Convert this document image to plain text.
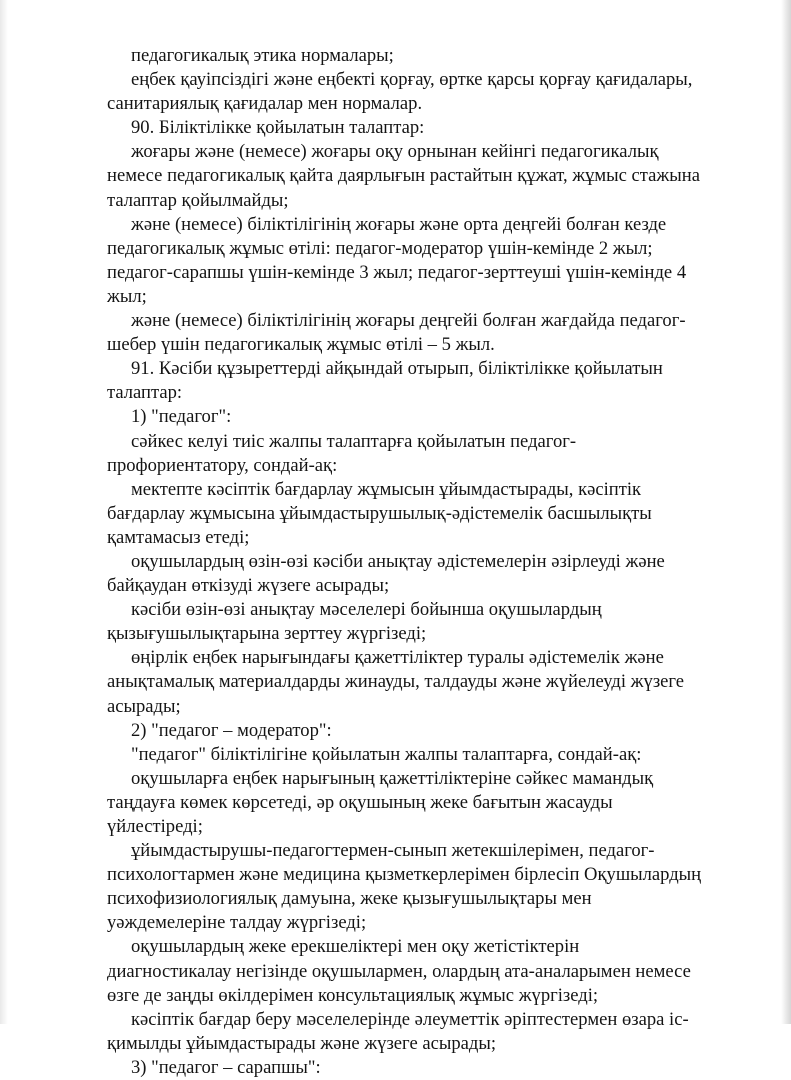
педагогикалық этика нормалары;
еңбек қауіпсіздігі және еңбекті қорғау, өртке қарсы қорғау қағидалары,
санитариялық қағидалар мен нормалар.
90. Біліктілікке қойылатын талаптар:
жоғары және (немесе) жоғары оқу орнынан кейінгі педагогикалық
немесе педагогикалық қайта даярлығын растайтын құжат, жұмыс стажына
талаптар қойылмайды;
және (немесе) біліктілігінің жоғары және орта деңгейі болған кезде
педагогикалық жұмыс өтілі: педагог-модератор үшін-кемінде 2 жыл;
педагог-сарапшы үшін-кемінде 3 жыл; педагог-зерттеуші үшін-кемінде 4
жыл;
және (немесе) біліктілігінің жоғары деңгейі болған жағдайда педагог-
шебер үшін педагогикалық жұмыс өтілі – 5 жыл.
91. Кәсіби құзыреттерді айқындай отырып, біліктілікке қойылатын
талаптар:
1) "педагог":
сәйкес келуі тиіс жалпы талаптарға қойылатын педагог-
профориентатору, сондай-ақ:
мектепте кәсіптік бағдарлау жұмысын ұйымдастырады, кәсіптік
бағдарлау жұмысына ұйымдастырушылық-әдістемелік басшылықты
қамтамасыз етеді;
оқушылардың өзін-өзі кәсіби анықтау әдістемелерін әзірлеуді және
байқаудан өткізуді жүзеге асырады;
кәсіби өзін-өзі анықтау мәселелері бойынша оқушылардың
қызығушылықтарына зерттеу жүргізеді;
өңірлік еңбек нарығындағы қажеттіліктер туралы әдістемелік және
анықтамалық материалдарды жинауды, талдауды және жүйелеуді жүзеге
асырады;
2) "педагог – модератор":
"педагог" біліктілігіне қойылатын жалпы талаптарға, сондай-ақ:
оқушыларға еңбек нарығының қажеттіліктеріне сәйкес мамандық
таңдауға көмек көрсетеді, әр оқушының жеке бағытын жасауды
үйлестіреді;
ұйымдастырушы-педагогтермен-сынып жетекшілерімен, педагог-
психологтармен және медицина қызметкерлерімен бірлесіп Оқушылардың
психофизиологиялық дамуына, жеке қызығушылықтары мен
уәждемелеріне талдау жүргізеді;
оқушылардың жеке ерекшеліктері мен оқу жетістіктерін
диагностикалау негізінде оқушылармен, олардың ата-аналарымен немесе
өзге де заңды өкілдерімен консультациялық жұмыс жүргізеді;
кәсіптік бағдар беру мәселелерінде әлеуметтік әріптестермен өзара іс-
қимылды ұйымдастырады және жүзеге асырады;
3) "педагог – сарапшы":
